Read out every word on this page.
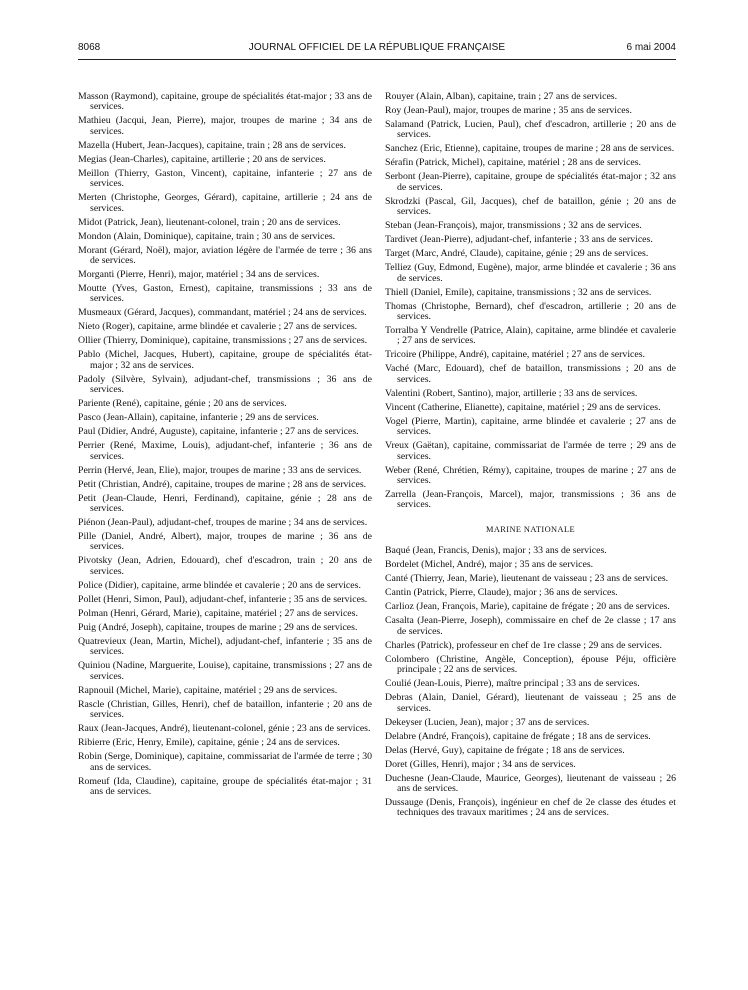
8068	JOURNAL OFFICIEL DE LA RÉPUBLIQUE FRANÇAISE	6 mai 2004

Masson (Raymond), capitaine, groupe de spécialités état-major ; 33 ans de services.

Mathieu (Jacqui, Jean, Pierre), major, troupes de marine ; 34 ans de services.

Mazella (Hubert, Jean-Jacques), capitaine, train ; 28 ans de services.

Megias (Jean-Charles), capitaine, artillerie ; 20 ans de services.

Meillon (Thierry, Gaston, Vincent), capitaine, infanterie ; 27 ans de services.

Merten (Christophe, Georges, Gérard), capitaine, artillerie ; 24 ans de services.

Midot (Patrick, Jean), lieutenant-colonel, train ; 20 ans de services.

Mondon (Alain, Dominique), capitaine, train ; 30 ans de services.

Morant (Gérard, Noël), major, aviation légère de l'armée de terre ; 36 ans de services.

Morganti (Pierre, Henri), major, matériel ; 34 ans de services.

Moutte (Yves, Gaston, Ernest), capitaine, transmissions ; 33 ans de services.

Musmeaux (Gérard, Jacques), commandant, matériel ; 24 ans de services.

Nieto (Roger), capitaine, arme blindée et cavalerie ; 27 ans de services.

Ollier (Thierry, Dominique), capitaine, transmissions ; 27 ans de services.

Pablo (Michel, Jacques, Hubert), capitaine, groupe de spécialités état-major ; 32 ans de services.

Padoly (Silvère, Sylvain), adjudant-chef, transmissions ; 36 ans de services.

Pariente (René), capitaine, génie ; 20 ans de services.

Pasco (Jean-Allain), capitaine, infanterie ; 29 ans de services.

Paul (Didier, André, Auguste), capitaine, infanterie ; 27 ans de services.

Perrier (René, Maxime, Louis), adjudant-chef, infanterie ; 36 ans de services.

Perrin (Hervé, Jean, Elie), major, troupes de marine ; 33 ans de services.

Petit (Christian, André), capitaine, troupes de marine ; 28 ans de services.

Petit (Jean-Claude, Henri, Ferdinand), capitaine, génie ; 28 ans de services.

Piénon (Jean-Paul), adjudant-chef, troupes de marine ; 34 ans de services.

Pille (Daniel, André, Albert), major, troupes de marine ; 36 ans de services.

Pivotsky (Jean, Adrien, Edouard), chef d'escadron, train ; 20 ans de services.

Police (Didier), capitaine, arme blindée et cavalerie ; 20 ans de services.

Pollet (Henri, Simon, Paul), adjudant-chef, infanterie ; 35 ans de services.

Polman (Henri, Gérard, Marie), capitaine, matériel ; 27 ans de services.

Puig (André, Joseph), capitaine, troupes de marine ; 29 ans de services.

Quatrevieux (Jean, Martin, Michel), adjudant-chef, infanterie ; 35 ans de services.

Quiniou (Nadine, Marguerite, Louise), capitaine, transmissions ; 27 ans de services.

Rapnouil (Michel, Marie), capitaine, matériel ; 29 ans de services.

Rascle (Christian, Gilles, Henri), chef de bataillon, infanterie ; 20 ans de services.

Raux (Jean-Jacques, André), lieutenant-colonel, génie ; 23 ans de services.

Ribierre (Eric, Henry, Emile), capitaine, génie ; 24 ans de services.

Robin (Serge, Dominique), capitaine, commissariat de l'armée de terre ; 30 ans de services.

Romeuf (Ida, Claudine), capitaine, groupe de spécialités état-major ; 31 ans de services.

Rouyer (Alain, Alban), capitaine, train ; 27 ans de services.

Roy (Jean-Paul), major, troupes de marine ; 35 ans de services.

Salamand (Patrick, Lucien, Paul), chef d'escadron, artillerie ; 20 ans de services.

Sanchez (Eric, Etienne), capitaine, troupes de marine ; 28 ans de services.

Sérafin (Patrick, Michel), capitaine, matériel ; 28 ans de services.

Serbont (Jean-Pierre), capitaine, groupe de spécialités état-major ; 32 ans de services.

Skrodzki (Pascal, Gil, Jacques), chef de bataillon, génie ; 20 ans de services.

Steban (Jean-François), major, transmissions ; 32 ans de services.

Tardivet (Jean-Pierre), adjudant-chef, infanterie ; 33 ans de services.

Target (Marc, André, Claude), capitaine, génie ; 29 ans de services.

Telliez (Guy, Edmond, Eugène), major, arme blindée et cavalerie ; 36 ans de services.

Thiell (Daniel, Emile), capitaine, transmissions ; 32 ans de services.

Thomas (Christophe, Bernard), chef d'escadron, artillerie ; 20 ans de services.

Torralba Y Vendrelle (Patrice, Alain), capitaine, arme blindée et cavalerie ; 27 ans de services.

Tricoire (Philippe, André), capitaine, matériel ; 27 ans de services.

Vaché (Marc, Edouard), chef de bataillon, transmissions ; 20 ans de services.

Valentini (Robert, Santino), major, artillerie ; 33 ans de services.

Vincent (Catherine, Elianette), capitaine, matériel ; 29 ans de services.

Vogel (Pierre, Martin), capitaine, arme blindée et cavalerie ; 27 ans de services.

Vreux (Gaëtan), capitaine, commissariat de l'armée de terre ; 29 ans de services.

Weber (René, Chrétien, Rémy), capitaine, troupes de marine ; 27 ans de services.

Zarrella (Jean-François, Marcel), major, transmissions ; 36 ans de services.

MARINE NATIONALE

Baqué (Jean, Francis, Denis), major ; 33 ans de services.

Bordelet (Michel, André), major ; 35 ans de services.

Canté (Thierry, Jean, Marie), lieutenant de vaisseau ; 23 ans de services.

Cantin (Patrick, Pierre, Claude), major ; 36 ans de services.

Carlioz (Jean, François, Marie), capitaine de frégate ; 20 ans de services.

Casalta (Jean-Pierre, Joseph), commissaire en chef de 2e classe ; 17 ans de services.

Charles (Patrick), professeur en chef de 1re classe ; 29 ans de services.

Colombero (Christine, Angèle, Conception), épouse Péju, officière principale ; 22 ans de services.

Coulié (Jean-Louis, Pierre), maître principal ; 33 ans de services.

Debras (Alain, Daniel, Gérard), lieutenant de vaisseau ; 25 ans de services.

Dekeyser (Lucien, Jean), major ; 37 ans de services.

Delabre (André, François), capitaine de frégate ; 18 ans de services.

Delas (Hervé, Guy), capitaine de frégate ; 18 ans de services.

Doret (Gilles, Henri), major ; 34 ans de services.

Duchesne (Jean-Claude, Maurice, Georges), lieutenant de vaisseau ; 26 ans de services.

Dussauge (Denis, François), ingénieur en chef de 2e classe des études et techniques des travaux maritimes ; 24 ans de services.
